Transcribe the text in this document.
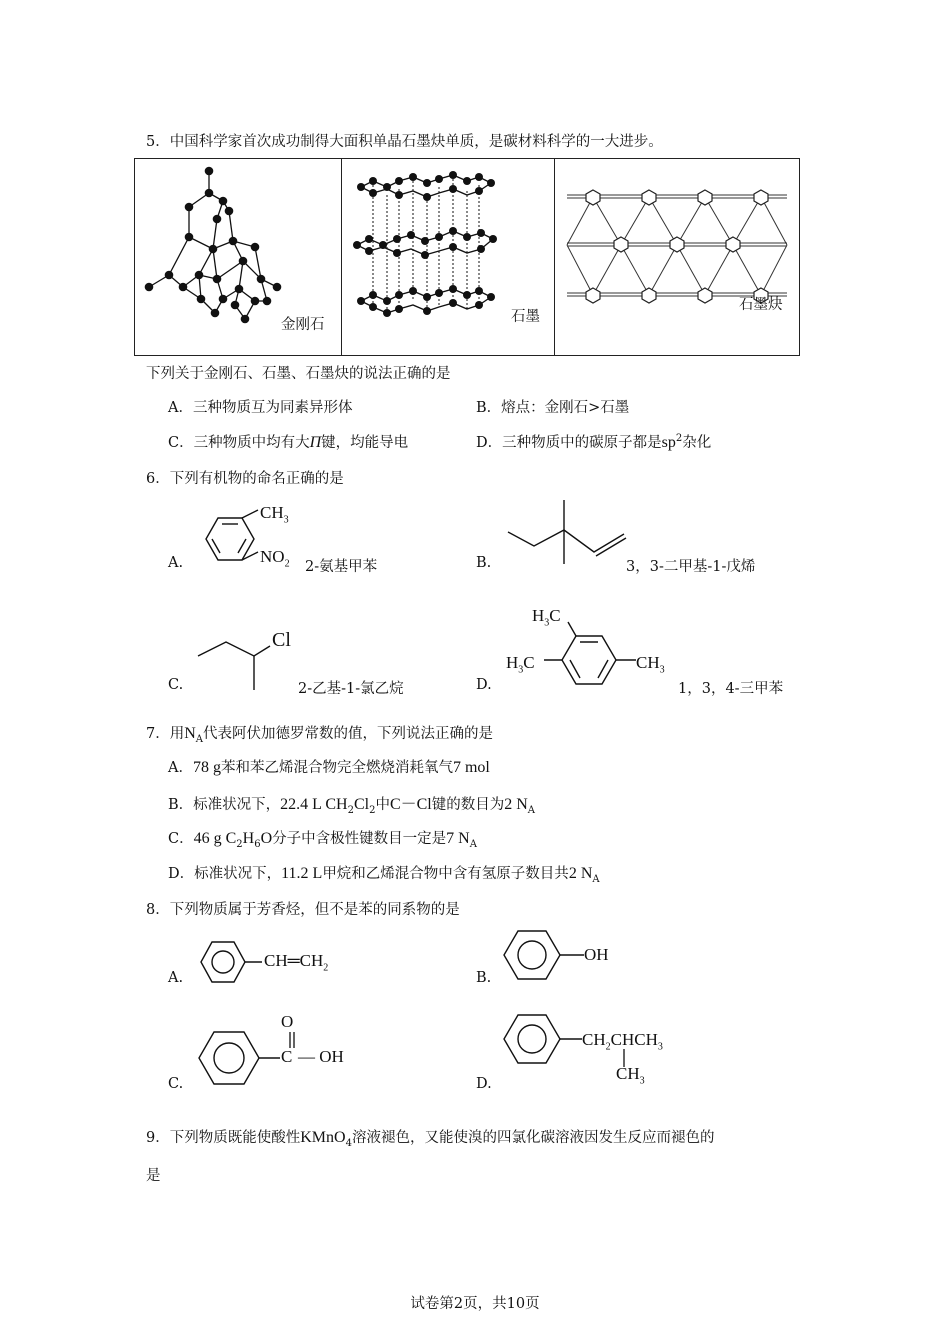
5．中国科学家首次成功制得大面积单晶石墨炔单质，是碳材料科学的一大进步。
金刚石	石墨
石墨炔
下列关于金刚石、石墨、石墨炔的说法正确的是
A．三种物质互为同素异形体	B．熔点：金刚石>石墨
C．三种物质中均有大Π键，均能导电	D．三种物质中的碳原子都是$sp^2$杂化
6．下列有机物的命名正确的是
A.
$CH_3$
$NO_2$ 2-氨基甲苯	B.	3，3-二甲基-1-戊烯
C.
Cl
2-乙基-1-氯乙烷	D.
$H_3C$
$H_3C$	$CH_3$
1，3，4-三甲苯
7．用$N_A$代表阿伏加德罗常数的值，下列说法正确的是
A．78 g苯和苯乙烯混合物完全燃烧消耗氧气7 mol
B．标准状况下，22.4 L $CH_2Cl_2$中C－Cl键的数目为2 $N_A$
C．46 g $C_2H_6O$分子中含极性键数目一定是7 $N_A$
D．标准状况下，11.2 L甲烷和乙烯混合物中含有氢原子数目共2 $N_A$
8．下列物质属于芳香烃，但不是苯的同系物的是
A.
$CH═CH_2$
B.
OH
C.
O
C — OH
D.
$CH_2CHCH_3$
$CH_3$
9．下列物质既能使酸性KMnO$_4$溶液褪色，又能使溴的四氯化碳溶液因发生反应而褪色的
是
试卷第2页，共10页
